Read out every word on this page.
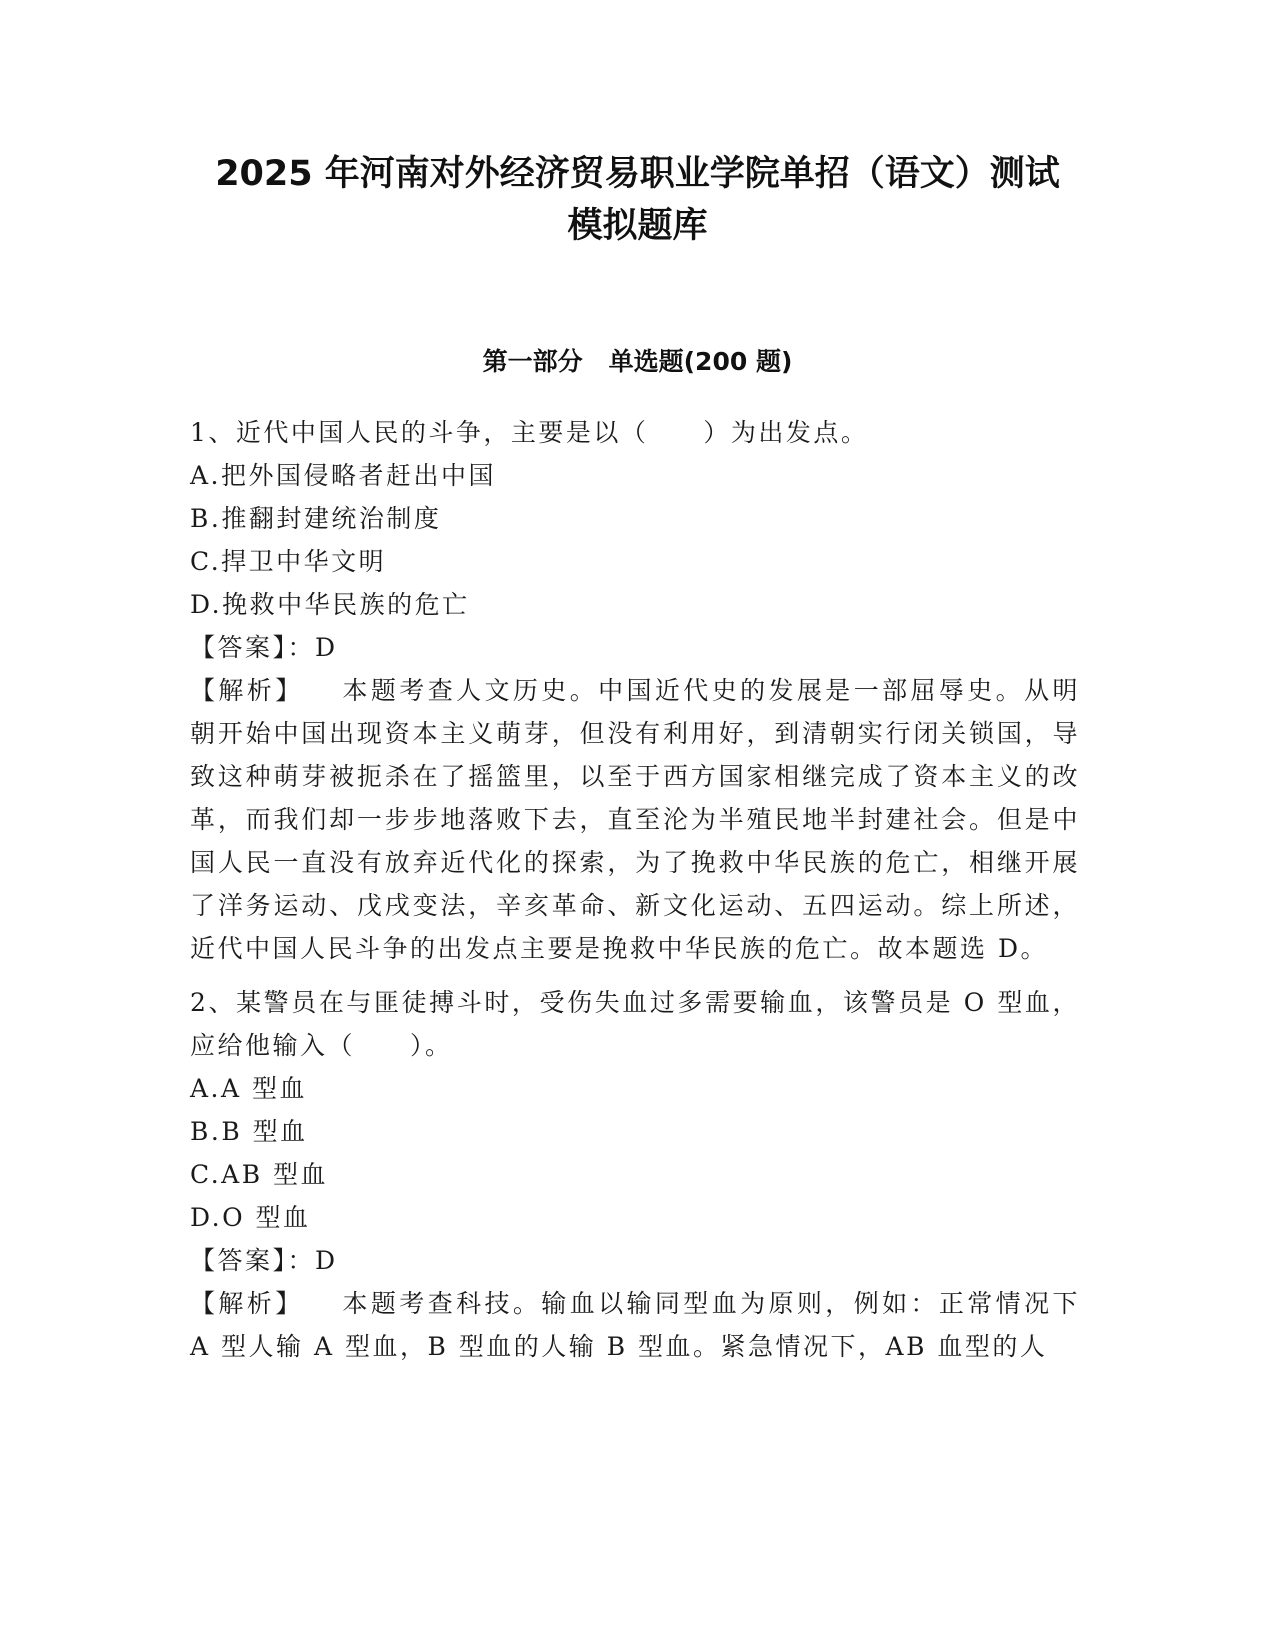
2025 年河南对外经济贸易职业学院单招（语文）测试
模拟题库
第一部分 单选题(200 题)
1、近代中国人民的斗争，主要是以（　　）为出发点。
A.把外国侵略者赶出中国
B.推翻封建统治制度
C.捍卫中华文明
D.挽救中华民族的危亡
【答案】：D
【解析】 本题考查人文历史。中国近代史的发展是一部屈辱史。从明朝开始中国出现资本主义萌芽，但没有利用好，到清朝实行闭关锁国，导致这种萌芽被扼杀在了摇篮里，以至于西方国家相继完成了资本主义的改革，而我们却一步步地落败下去，直至沦为半殖民地半封建社会。但是中国人民一直没有放弃近代化的探索，为了挽救中华民族的危亡，相继开展了洋务运动、戊戌变法，辛亥革命、新文化运动、五四运动。综上所述，近代中国人民斗争的出发点主要是挽救中华民族的危亡。故本题选 D。
2、某警员在与匪徒搏斗时，受伤失血过多需要输血，该警员是 O 型血，应给他输入（　　）。
A.A 型血
B.B 型血
C.AB 型血
D.O 型血
【答案】：D
【解析】 本题考查科技。输血以输同型血为原则，例如：正常情况下 A 型人输 A 型血，B 型血的人输 B 型血。紧急情况下，AB 血型的人
